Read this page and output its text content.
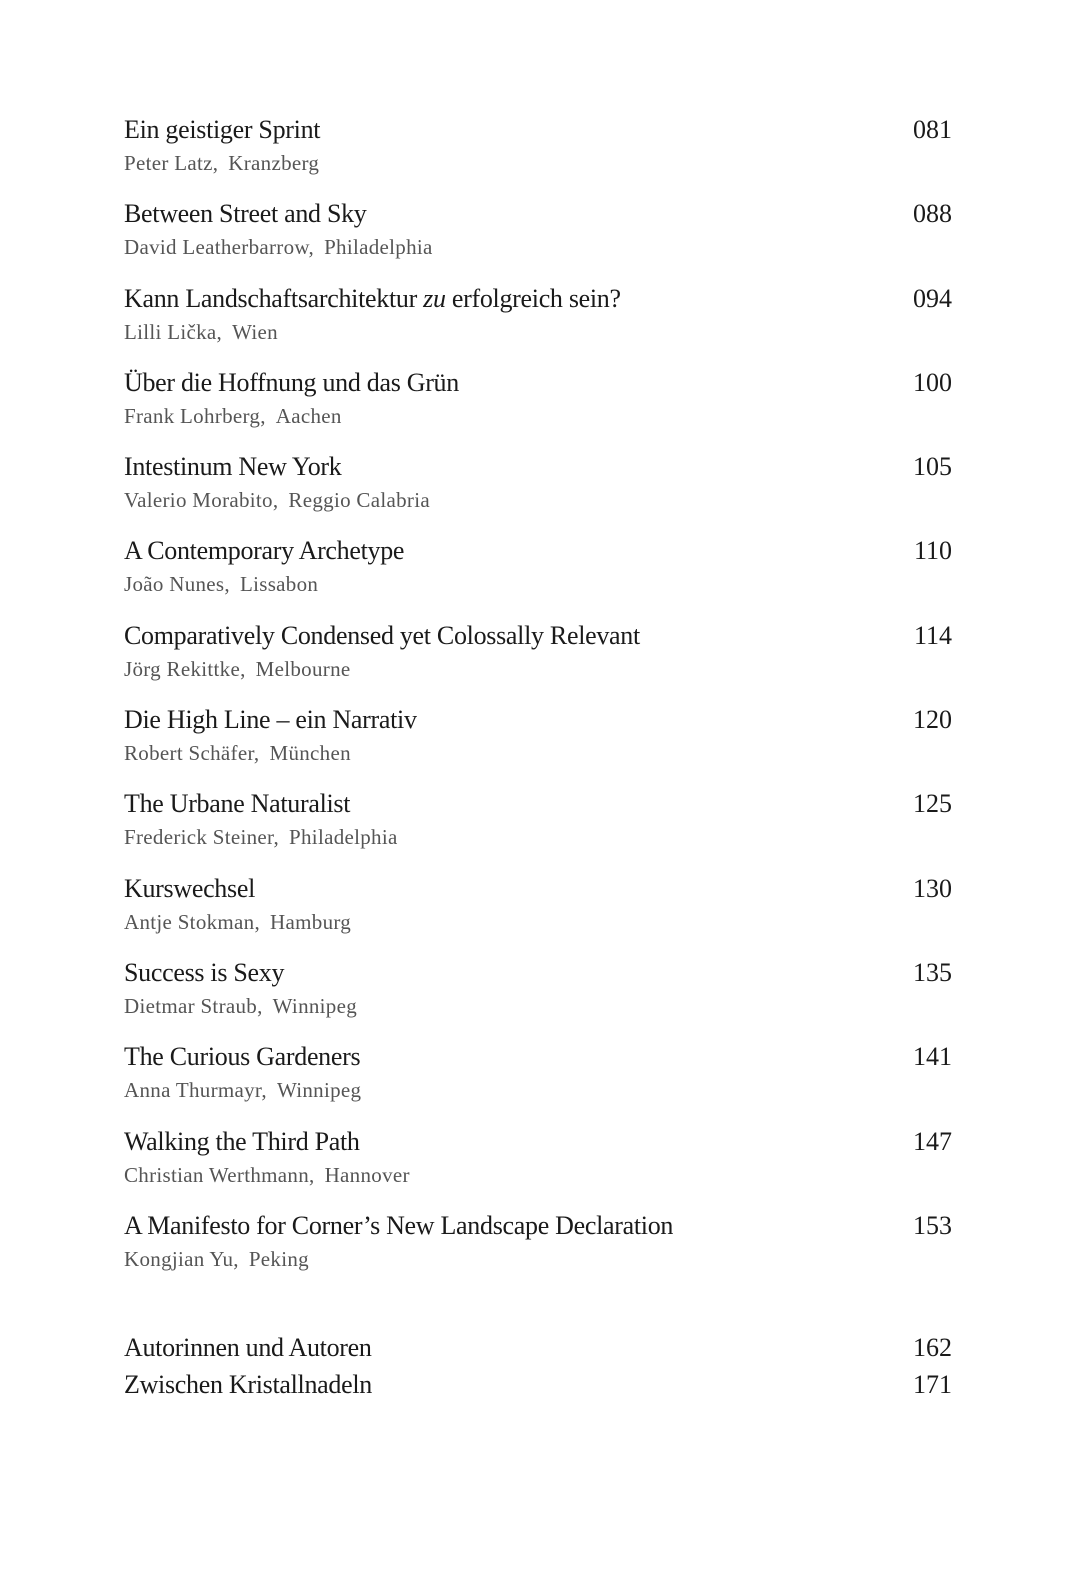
Ein geistiger Sprint	081
Peter Latz, Kranzberg
Between Street and Sky	088
David Leatherbarrow, Philadelphia
Kann Landschaftsarchitektur zu erfolgreich sein?	094
Lilli Lička, Wien
Über die Hoffnung und das Grün	100
Frank Lohrberg, Aachen
Intestinum New York	105
Valerio Morabito, Reggio Calabria
A Contemporary Archetype	110
João Nunes, Lissabon
Comparatively Condensed yet Colossally Relevant	114
Jörg Rekittke, Melbourne
Die High Line – ein Narrativ	120
Robert Schäfer, München
The Urbane Naturalist	125
Frederick Steiner, Philadelphia
Kurswechsel	130
Antje Stokman, Hamburg
Success is Sexy	135
Dietmar Straub, Winnipeg
The Curious Gardeners	141
Anna Thurmayr, Winnipeg
Walking the Third Path	147
Christian Werthmann, Hannover
A Manifesto for Corner’s New Landscape Declaration	153
Kongjian Yu, Peking
Autorinnen und Autoren	162
Zwischen Kristallnadeln	171
